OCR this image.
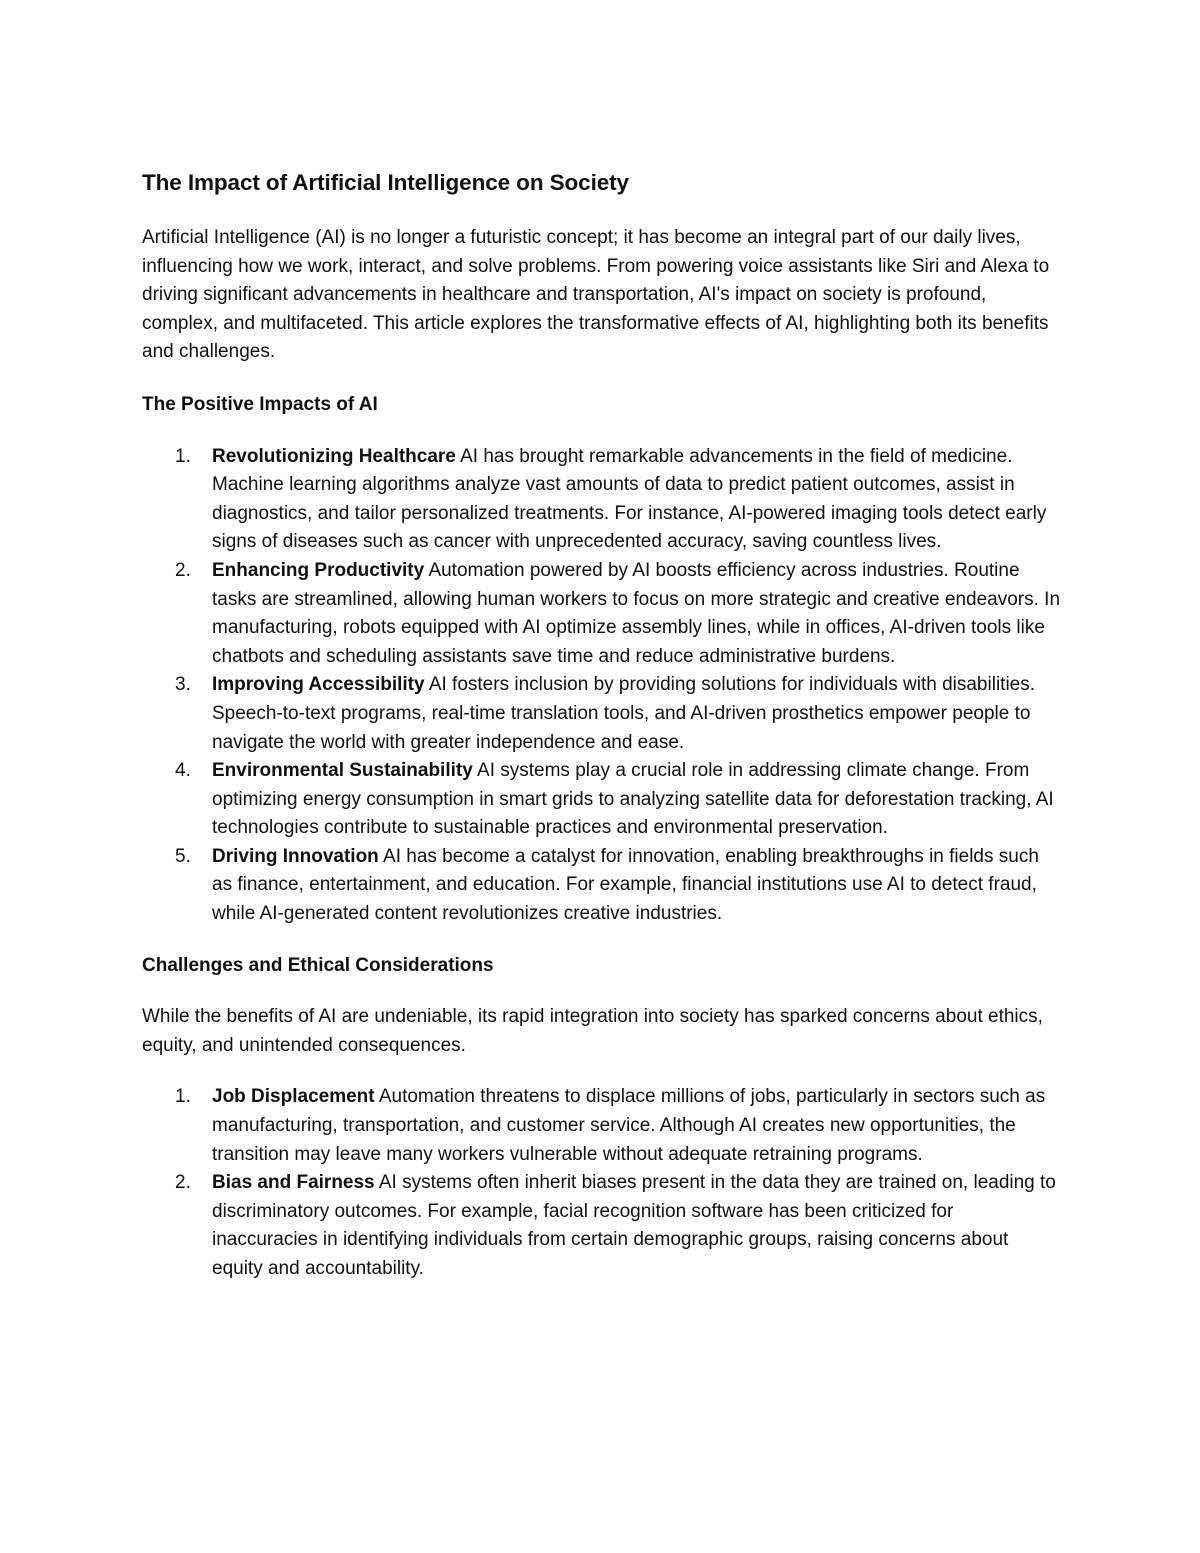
The Impact of Artificial Intelligence on Society

Artificial Intelligence (AI) is no longer a futuristic concept; it has become an integral part of our daily lives, influencing how we work, interact, and solve problems. From powering voice assistants like Siri and Alexa to driving significant advancements in healthcare and transportation, AI's impact on society is profound, complex, and multifaceted. This article explores the transformative effects of AI, highlighting both its benefits and challenges.

The Positive Impacts of AI
1.	Revolutionizing Healthcare AI has brought remarkable advancements in the field of medicine. Machine learning algorithms analyze vast amounts of data to predict patient outcomes, assist in diagnostics, and tailor personalized treatments. For instance, AI-powered imaging tools detect early signs of diseases such as cancer with unprecedented accuracy, saving countless lives.
2.	Enhancing Productivity Automation powered by AI boosts efficiency across industries. Routine tasks are streamlined, allowing human workers to focus on more strategic and creative endeavors. In manufacturing, robots equipped with AI optimize assembly lines, while in offices, AI-driven tools like chatbots and scheduling assistants save time and reduce administrative burdens.
3.	Improving Accessibility AI fosters inclusion by providing solutions for individuals with disabilities. Speech-to-text programs, real-time translation tools, and AI-driven prosthetics empower people to navigate the world with greater independence and ease.
4.	Environmental Sustainability AI systems play a crucial role in addressing climate change. From optimizing energy consumption in smart grids to analyzing satellite data for deforestation tracking, AI technologies contribute to sustainable practices and environmental preservation.
5.	Driving Innovation AI has become a catalyst for innovation, enabling breakthroughs in fields such as finance, entertainment, and education. For example, financial institutions use AI to detect fraud, while AI-generated content revolutionizes creative industries.
Challenges and Ethical Considerations

While the benefits of AI are undeniable, its rapid integration into society has sparked concerns about ethics, equity, and unintended consequences.

1.	Job Displacement Automation threatens to displace millions of jobs, particularly in sectors such as manufacturing, transportation, and customer service. Although AI creates new opportunities, the transition may leave many workers vulnerable without adequate retraining programs.
2.	Bias and Fairness AI systems often inherit biases present in the data they are trained on, leading to discriminatory outcomes. For example, facial recognition software has been criticized for inaccuracies in identifying individuals from certain demographic groups, raising concerns about equity and accountability.
